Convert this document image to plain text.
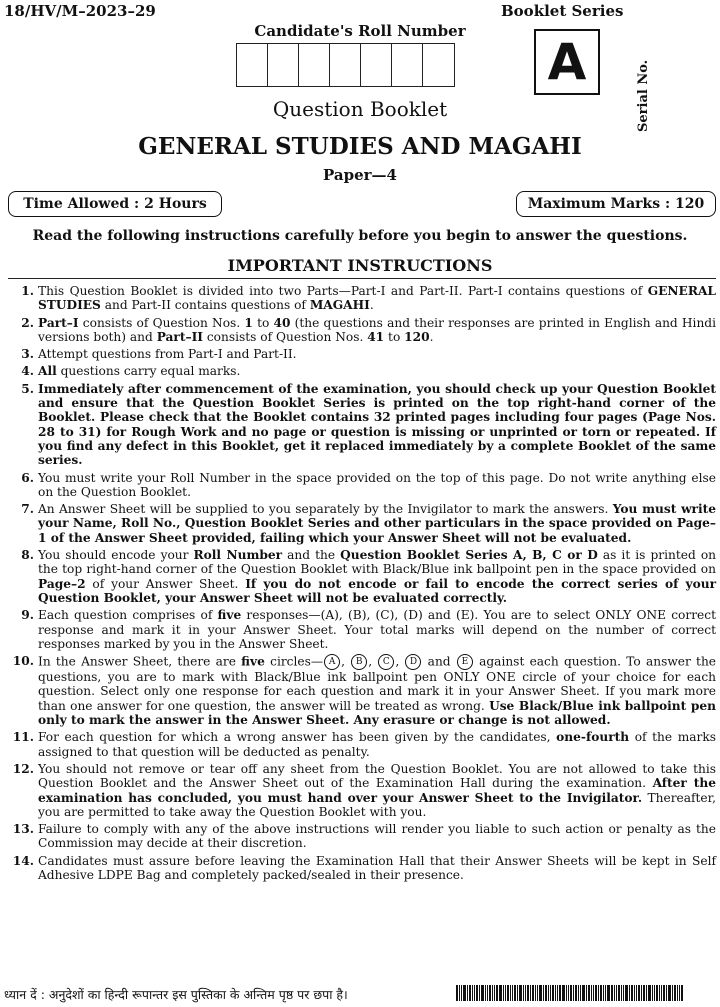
18/HV/M–2023–29
Candidate's Roll Number
Booklet Series
A	Serial No.
Question Booklet
GENERAL STUDIES AND MAGAHI
Paper—4
Time Allowed : 2 Hours	Maximum Marks : 120
Read the following instructions carefully before you begin to answer the questions.
IMPORTANT INSTRUCTIONS
1. This Question Booklet is divided into two Parts—Part-I and Part-II. Part-I contains questions of GENERAL STUDIES and Part-II contains questions of MAGAHI.
2. Part–I consists of Question Nos. 1 to 40 (the questions and their responses are printed in English and Hindi versions both) and Part–II consists of Question Nos. 41 to 120.
3. Attempt questions from Part-I and Part-II.
4. All questions carry equal marks.
5. Immediately after commencement of the examination, you should check up your Question Booklet and ensure that the Question Booklet Series is printed on the top right-hand corner of the Booklet. Please check that the Booklet contains 32 printed pages including four pages (Page Nos. 28 to 31) for Rough Work and no page or question is missing or unprinted or torn or repeated. If you find any defect in this Booklet, get it replaced immediately by a complete Booklet of the same series.
6. You must write your Roll Number in the space provided on the top of this page. Do not write anything else on the Question Booklet.
7. An Answer Sheet will be supplied to you separately by the Invigilator to mark the answers. You must write your Name, Roll No., Question Booklet Series and other particulars in the space provided on Page–1 of the Answer Sheet provided, failing which your Answer Sheet will not be evaluated.
8. You should encode your Roll Number and the Question Booklet Series A, B, C or D as it is printed on the top right-hand corner of the Question Booklet with Black/Blue ink ballpoint pen in the space provided on Page–2 of your Answer Sheet. If you do not encode or fail to encode the correct series of your Question Booklet, your Answer Sheet will not be evaluated correctly.
9. Each question comprises of five responses—(A), (B), (C), (D) and (E). You are to select ONLY ONE correct response and mark it in your Answer Sheet. Your total marks will depend on the number of correct responses marked by you in the Answer Sheet.
10. In the Answer Sheet, there are five circles— A , B , C , D and E against each question. To answer the questions, you are to mark with Black/Blue ink ballpoint pen ONLY ONE circle of your choice for each question. Select only one response for each question and mark it in your Answer Sheet. If you mark more than one answer for one question, the answer will be treated as wrong. Use Black/Blue ink ballpoint pen only to mark the answer in the Answer Sheet. Any erasure or change is not allowed.
11. For each question for which a wrong answer has been given by the candidates, one-fourth of the marks assigned to that question will be deducted as penalty.
12. You should not remove or tear off any sheet from the Question Booklet. You are not allowed to take this Question Booklet and the Answer Sheet out of the Examination Hall during the examination. After the examination has concluded, you must hand over your Answer Sheet to the Invigilator. Thereafter, you are permitted to take away the Question Booklet with you.
13. Failure to comply with any of the above instructions will render you liable to such action or penalty as the Commission may decide at their discretion.
14. Candidates must assure before leaving the Examination Hall that their Answer Sheets will be kept in Self Adhesive LDPE Bag and completely packed/sealed in their presence.
ध्यान दें : अनुदेशों का हिन्दी रूपान्तर इस पुस्तिका के अन्तिम पृष्ठ पर छपा है।
